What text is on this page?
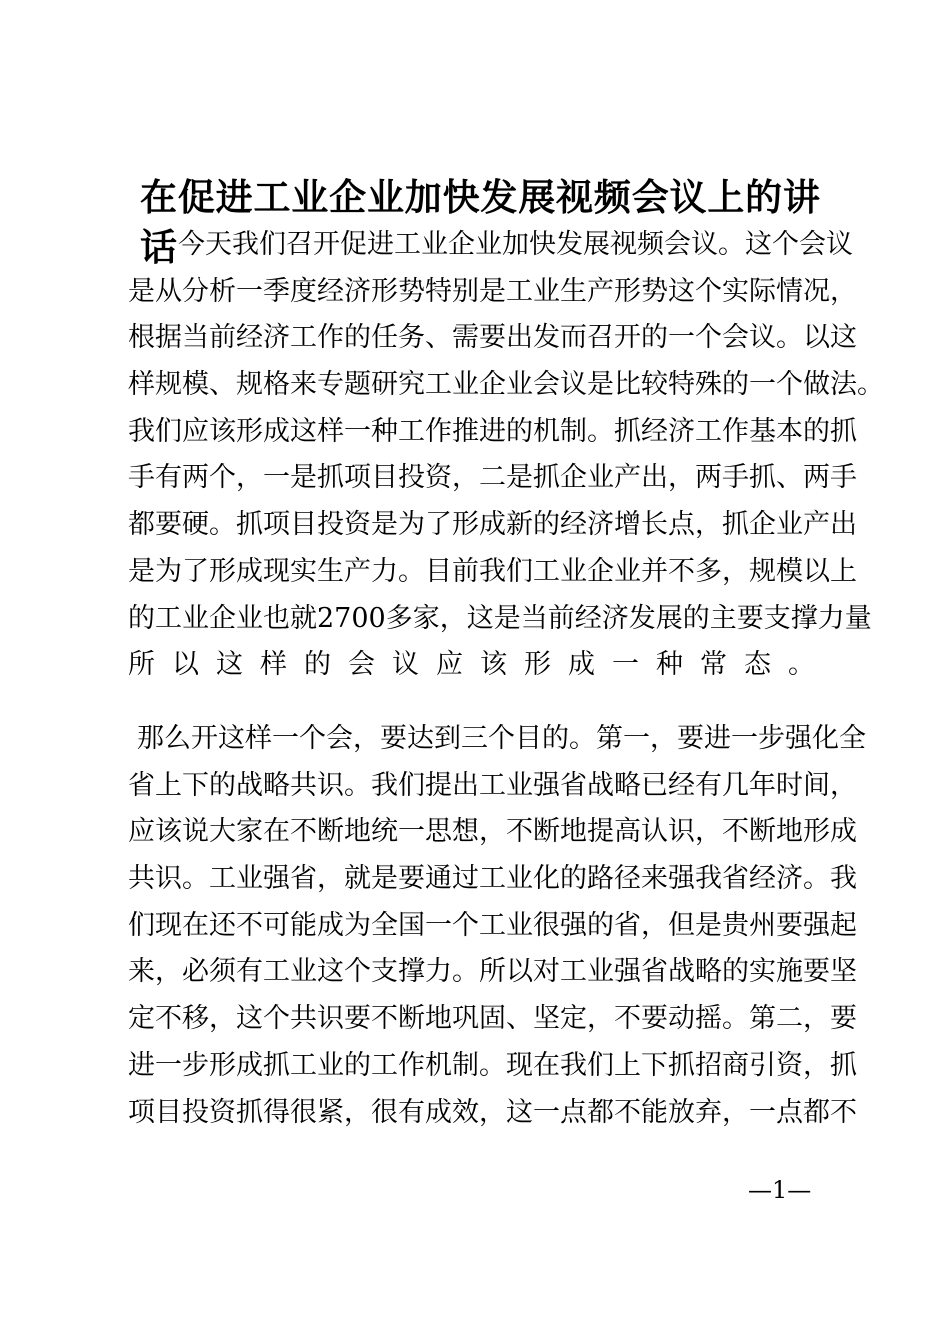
在促进工业企业加快发展视频会议上的讲话 今天我们召开促进工业企业加快发展视频会议。这个会议
是从分析一季度经济形势特别是工业生产形势这个实际情况，
根据当前经济工作的任务、需要出发而召开的一个会议。以这
样规模、规格来专题研究工业企业会议是比较特殊的一个做法。
我们应该形成这样一种工作推进的机制。抓经济工作基本的抓
手有两个，一是抓项目投资，二是抓企业产出，两手抓、两手
都要硬。抓项目投资是为了形成新的经济增长点，抓企业产出
是为了形成现实生产力。目前我们工业企业并不多，规模以上
的工业企业也就2700多家，这是当前经济发展的主要支撑力量
所以这样的会议应该形成一种常态。
那么开这样一个会，要达到三个目的。第一，要进一步强化全
省上下的战略共识。我们提出工业强省战略已经有几年时间，
应该说大家在不断地统一思想，不断地提高认识，不断地形成
共识。工业强省，就是要通过工业化的路径来强我省经济。我
们现在还不可能成为全国一个工业很强的省，但是贵州要强起
来，必须有工业这个支撑力。所以对工业强省战略的实施要坚
定不移，这个共识要不断地巩固、坚定，不要动摇。第二，要
进一步形成抓工业的工作机制。现在我们上下抓招商引资，抓
项目投资抓得很紧，很有成效，这一点都不能放弃，一点都不
—1—
